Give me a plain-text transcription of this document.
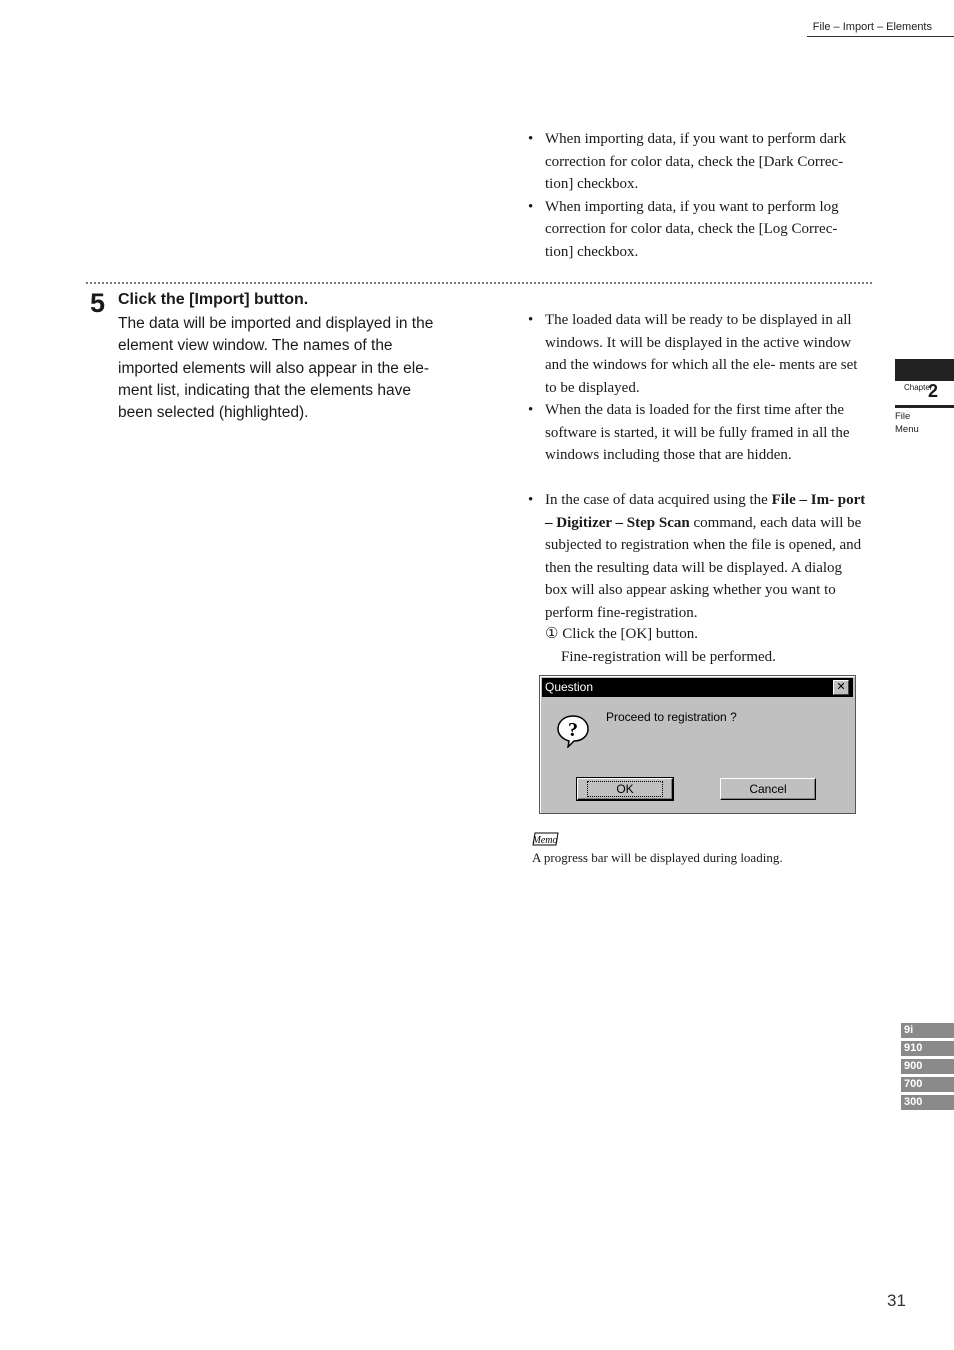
File – Import – Elements
• When importing data, if you want to perform dark correction for color data, check the [Dark Correc- tion] checkbox.
• When importing data, if you want to perform log correction for color data, check the [Log Correc- tion] checkbox.
5 Click the [Import] button.

The data will be imported and displayed in the element view window. The names of the imported elements will also appear in the ele- ment list, indicating that the elements have been selected (highlighted).

• The loaded data will be ready to be displayed in all windows. It will be displayed in the active window and the windows for which all the ele- ments are set to be displayed.
• When the data is loaded for the first time after the software is started, it will be fully framed in all the windows including those that are hidden.
• In the case of data acquired using the File – Im- port – Digitizer – Step Scan command, each data will be subjected to registration when the file is opened, and then the resulting data will be displayed. A dialog box will also appear asking whether you want to perform fine-registration.
① Click the [OK] button.
Fine-registration will be performed.
Question	✕
?
Proceed to registration ?
OK	Cancel
Memo
A progress bar will be displayed during loading.
Chapter
2
File
Menu
9i
910
900
700
300
31
